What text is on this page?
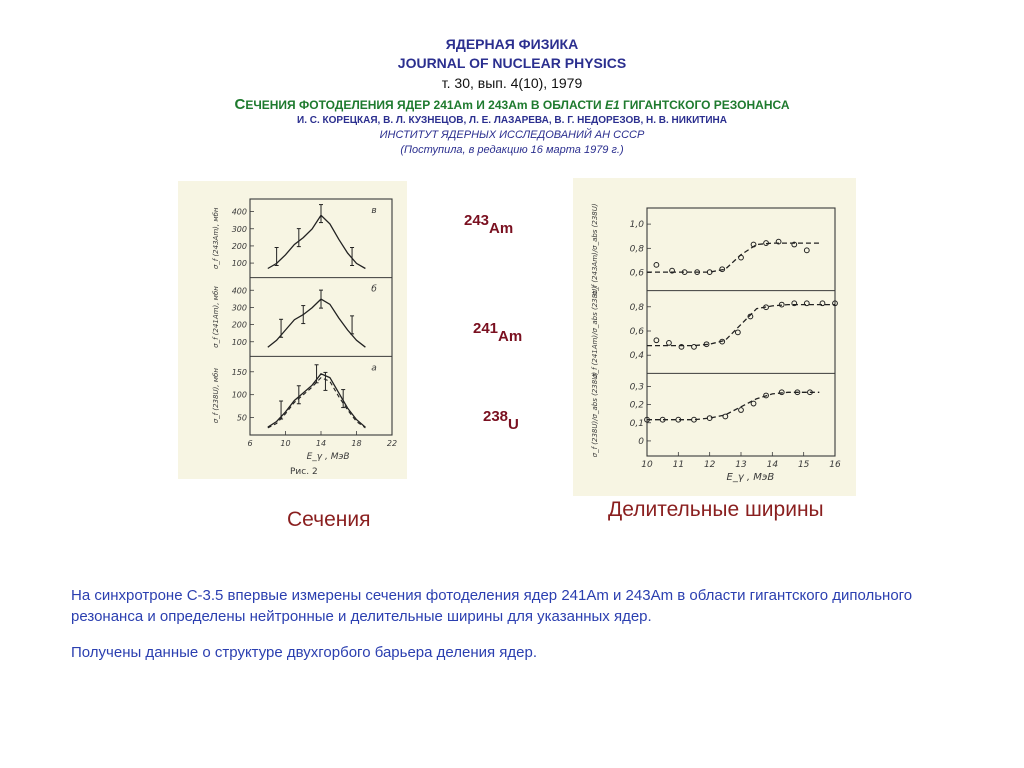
ЯДЕРНАЯ ФИЗИКА
JOURNAL OF NUCLEAR PHYSICS
т. 30, вып. 4(10), 1979
СЕЧЕНИЯ ФОТОДЕЛЕНИЯ ЯДЕР 241Am И 243Am В ОБЛАСТИ E1 ГИГАНТСКОГО РЕЗОНАНСА
И. С. КОРЕЦКАЯ, В. Л. КУЗНЕЦОВ, Л. Е. ЛАЗАРЕВА, В. Г. НЕДОРЕЗОВ, Н. В. НИКИТИНА
ИНСТИТУТ ЯДЕРНЫХ ИССЛЕДОВАНИЙ АН СССР
(Поступила, в редакцию 16 марта 1979 г.)
100
200
300
400
σ_f (243Am), мбн	в
100
200
300
400
σ_f (241Am), мбн	б
50
100
150
σ_f (238U), мбн	а
6	10	14	18	22
E_γ , МэВ
Рис. 2
0,6
0,8
1,0
σ_f (243Am)/σ_abs (238U)
0,4
0,6
0,8
σ_f (241Am)/σ_abs (238U)
0
0,1
0,2
0,3
σ_f (238U)/σ_abs (238U)
10 11 12 13 14 15 16
E_γ , МэВ
$^{243}$Am
$^{241}$Am
$^{238}$U
Сечения	Делительные ширины
На синхротроне С-3.5 впервые измерены сечения фотоделения ядер 241Am и 243Am в области гигантского дипольного резонанса и определены нейтронные и делительные ширины для указанных ядер.
Получены данные о структуре двухгорбого барьера деления ядер.
